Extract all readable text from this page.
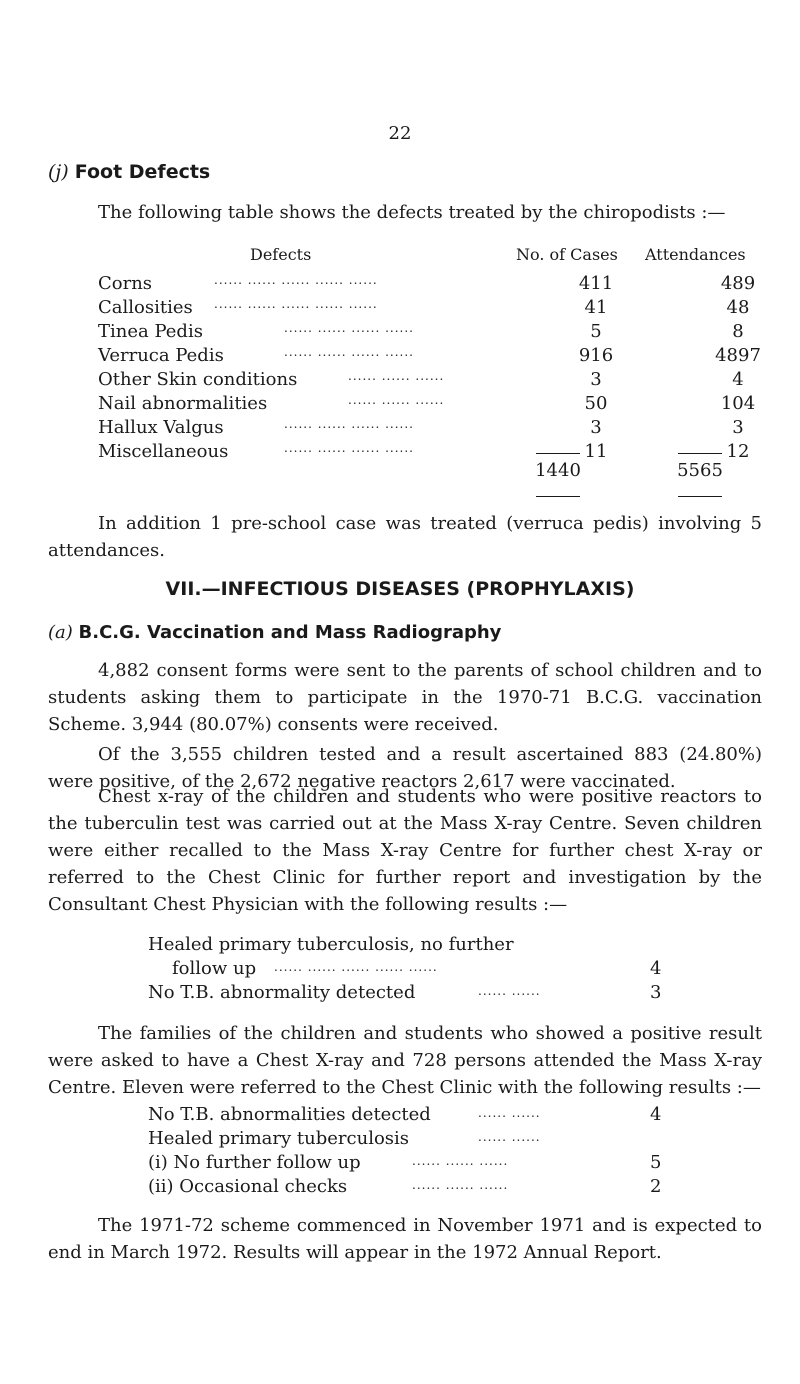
22
(j) Foot Defects

The following table shows the defects treated by the chiropodists :—

Defects	No. of Cases Attendances
Corns	...... ...... ...... ...... ......	411	489
Callosities ...... ...... ...... ...... ......	41	48
Tinea Pedis	...... ...... ...... ......	5	8
Verruca Pedis	...... ...... ...... ......	916	4897
Other Skin conditions	...... ...... ......	3	4
Nail abnormalities	...... ...... ......	50	104
Hallux Valgus	...... ...... ...... ......	3	3
Miscellaneous	...... ...... ...... ......	11	12
1440	5565

In addition 1 pre-school case was treated (verruca pedis) involving 5 attendances.

VII.—INFECTIOUS DISEASES (PROPHYLAXIS)
(a) B.C.G. Vaccination and Mass Radiography

4,882 consent forms were sent to the parents of school children and to students asking them to participate in the 1970-71 B.C.G. vaccination Scheme. 3,944 (80.07%) consents were received.

Of the 3,555 children tested and a result ascertained 883 (24.80%) were positive, of the 2,672 negative reactors 2,617 were vaccinated.

Chest x-ray of the children and students who were positive reactors to the tuberculin test was carried out at the Mass X-ray Centre. Seven children were either recalled to the Mass X-ray Centre for further chest X-ray or referred to the Chest Clinic for further report and investigation by the Consultant Chest Physician with the following results :—

Healed primary tuberculosis, no further
follow up ...... ...... ...... ...... ......	4
No T.B. abnormality detected	...... ......	3

The families of the children and students who showed a positive result were asked to have a Chest X-ray and 728 persons attended the Mass X-ray Centre. Eleven were referred to the Chest Clinic with the following results :—

No T.B. abnormalities detected	...... ......	4
Healed primary tuberculosis	...... ......
(i) No further follow up	...... ...... ......	5
(ii) Occasional checks	...... ...... ......	2

The 1971-72 scheme commenced in November 1971 and is expected to end in March 1972. Results will appear in the 1972 Annual Report.
